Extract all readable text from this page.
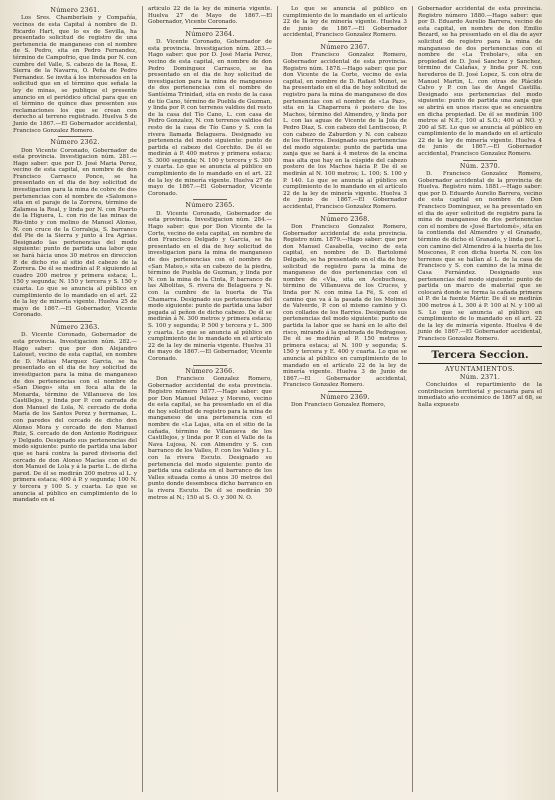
Número 2361.

Los Sres. Chamberlain y Compañía, vecinos de esta Capital á nombre de D. Ricardo Hart, que lo es de Sevilla, ha presentado solicitud de registro de una pertenencia de manganeso con el nombre de S. Pedro, sita en Pedro Fernandez, término de Campofrio, que linda por N. con cumbre del Valle, S. cabezo de la Rosa, E. Sierra de la Navarra, O. Peña de Pedro Fernandez. Se invita á los interesados en la solicitud que en el término que señala la ley de minas, se publique el presente anuncio en el periódico oficial para que en el término de quince dias presenten sus reclamaciones los que se crean con derecho al terreno registrado. Huelva 5 de Junio de 1867.—El Gobernador accidental, Francisco Gonzalez Romero.

Número 2362.

Don Vicente Coronado, Gobernador de esta provincia. Investigacion núm. 281.—Hago saber: que por D. José Maria Perez, vecino de esta capital, en nombre de don Francisco Carrasco Ponce, se ha presentado en el dia de hoy solicitud de investigacion para la mina de cobre de dos pertenencias con el nombre de «Salomon» sita en el paraje de la Zorrera, término de Zalamea la Real, y linda por N. con Puerto de la Higuera, L. con rio de las minas de Rio-tinto y con molino de Manuel Alonso, N. con cruce de la Corraleja, S. barranco del Pie de la Sierra y junto á Ira Agrias. Designado las pertenencias del modo siguiente: punto de partida una labor que se hará hácia unos 30 metros en direccion P. de dicho rio al sitio del cabezo de la Zorrera. De él se medirán al P. siguiendo al cuadro 200 metros y primera estaca; L. 150 y segunda; N. 150 y tercera y S. 150 y cuarta. Lo que se anuncia al público en cumplimiento de lo mandado en el art. 22 de la ley de minería vigente. Huelva 25 de mayo de 1867.—El Gobernador, Vicente Coronado.

Número 2363.

D. Vicente Coronado, Gobernador de esta provincia. Investigacion núm. 282.—Hago saber: que por don Alejandro Lalouet, vecino de esta capital, en nombre de D. Matias Marquez Garcia, se ha presentado en el dia de hoy solicitud de investigacion para la mina de manganeso de dos pertenencias con el nombre de «San Diego» sita en foca alta de la Monarda, término de Villanueva de los Castillejos, y linda por P. con carrada de don Manuel de Lola, N. cercado de doña María de los Santos Perez y hermanas, L. con paredes del cercado de dicho don Alonso Mora y cercado de don Manuel Ruiz, S. cercado de don Antonio Rodriguez y Delgado. Designado sus pertenencias del modo siguiente: punto de partida una labor que se hará contra la pared divisoria del cercado de don Alonso Macias con el de don Manuel de Lola y á la parte L. de dicha pared. De él se medirán 200 metros al L. y primera estaca; 400 á P. y segunda; 100 N. y tercera y 100 S. y cuarta. Lo que se anuncia al público en cumplimiento de lo mandado en el

artículo 22 de la ley de minería vigente. Huelva 27 de Mayo de 1867.—El Gobernador, Vicente Coronado.

Número 2364.

D. Vicente Coronado, Gobernador de esta provincia. Investigacion núm. 283.—Hago saber: que por D. José María Perez, vecino de esta capital, en nombre de don Pedro Dominguez Carrasco, se ha presentado en el dia de hoy solicitud de investigacion para la mina de manganeso de dos pertenencias con el nombre de Santísima Trinidad, sita en resto de la casa de tío Cano, término de Puebla de Guzman, y linda por P. con terrenos valdios del resto de la casa del Tío Cano, L. con casa de Pedro Gonzalez, N. con terrenos valdios del resto de la casa de Tío Cano y S. con la rivera llamada Belaguera. Designado su pertenencia del modo siguiente: punto de partida el cabezo del Corchito. De él se medirán á P. 400 metros y primera estaca; S. 3000 segunda; N. 100 y tercera y S. 300 y cuarta. Lo que se anuncia al público en cumplimiento de lo mandado en el art. 22 de la ley de minería vigente. Huelva 27 de mayo de 1867.—El Gobernador, Vicente Coronado.

Número 2365.

D. Vicente Coronado, Gobernador de esta provincia. Investigacion núm. 284.—Hago saber: que por Don Vicente de la Corte, vecino de esta capital, en nombre de don Francisco Delgado y García, se ha presentado en el dia de hoy solicitud de investigacion para la mina de manganeso de dos pertenencias con el nombre de «San Mateo,» sita en cabezo de la piedra, término de Puebla de Guzman, y linda por N. con la mina de la Cinta, P. barranco de las Albolitas, S. rivera de Belaguera y N. con la cumbre de la huerta de Tía Chamarra. Designado sus pertenencias del modo siguiente: punto de partida una labor pegada al peñon de dicho cabezo. De él se medirán á N. 300 metros y primera estaca; S. 100 y segunda; P. 500 y tercera y L. 300 y cuarta. Lo que se anuncia al público en cumplimiento de lo mandado en el artículo 22 de la ley de minería vigente. Huelva 31 de mayo de 1867.—El Gobernador, Vicente Coronado.

Número 2366.

Don Francisco Gonzalez Romero, Gobernador accidental de esta provincia. Registro número 1877.—Hago saber: que por Don Manuel Pelaez y Moreno, vecino de esta capital, se ha presentado en el dia de hoy solicitud de registro para la mina de manganeso de una pertenencia con el nombre de «La Lajas, sita en el sitio de la cañada, término de Villanueva de los Castillejos, y linda por P. con el Valle de la Nava Lujosa, N. con Almendro y S. con barranco de los Valles, P. con los Valles y L. con la rivera Escuto. Designado su pertenencia del modo siguiente: punto de partida una calicata en el barranco de los Valles situada como á unos 30 metros del punto donde desemboca dicho barranco en la rivera Escuto. De él se medirán 50 metros al N.; 150 al S. O. y 300 N. O.

Lo que se anuncia al público en cumplimiento de lo mandado en el artículo 22 de la ley de minería vigente. Huelva 3 de junio de 1867.—El Gobernador accidental, Francisco Gonzalez Romero.

Número 2367.

Don Francisco Gonzalez Romero, Gobernador accidental de esta provincia. Registro núm. 1878.—Hago saber: que por don Vicente de la Corte, vecino de esta capital, en nombre de D. Rafael Munot, se ha presentado en el dia de hoy solicitud de registro para la mina de manganeso de dos pertenencias con el nombre de «La Paz», sita en la Chaparrera ó postero de los Machos, término del Almendro, y linda por L. con las aguas de Vicente de la Jola de Pedro Diaz, S. con cabezo del Lentiscoso, P. con cabezo de Zaburdon y N. con cabezo de los Hierros. Designado sus pertenencias del modo siguiente: punto de partida una zanja que se hará á 4 metros de la encina mas alta que hay en la cúspide del cabezo postero de los Machos hácia P. De él se medirán al N. 100 metros; L. 100; S. 100 y P. 140. Lo que se anuncia al público en cumplimiento de lo mandado en el artículo 22 de la ley de minería vigente. Huelva 3 de junio de 1867.—El Gobernador accidental, Francisco Gonzalez Romero.

Número 2368.

Don Francisco Gonzalez Romero, Gobernador accidental de esta provincia. Registro núm. 1879.—Hago saber: que por don Manuel Casabella, vecino de esta capital, en nombre de D. Bartolomé Delgado, se ha presentado en el dia de hoy solicitud de registro para la mina de manganeso de dos pertenencias con el nombre de «Vía, sita en Acebuchosa, término de Villanueva de los Cruces, y linda por N. con mina La Fé, S. con el camino que va á la pasada de los Molinos de Valverde, P. con el mismo camino y O. con collados de los Barrios. Designado sus pertenencias del modo siguiente: punto de partida la labor que se hará en lo alto del risco, mirando á la quebrada de Pedragoso. De él se medirán al P. 150 metros y primera estaca; al N. 100 y segunda; S. 150 y tercera y E. 400 y cuarta. Lo que se anuncia al público en cumplimiento de lo mandado en el artículo 22 de la ley de minería vigente. Huelva 3 de Junio de 1867.—El Gobernador accidental, Francisco Gonzalez Romero.

Número 2369.

Don Francisco Gonzalez Romero,

Gobernador accidental de esta provincia. Registro número 1880.—Hago saber: que por D. Eduardo Aurelio Barrera, vecino de esta capital, en nombre de don Emilio Bezard, se ha presentado en el dia de ayer solicitud de registro para la mina de manganeso de dos pertenencias con el nombre de «La Trebolar», sita en propiedad de D. José Sanchez y Sanchez, término de Calañas, y linda por N. con herederos de D. José Lopez, S. con otra de Manuel Martin, L. con otras de Plácido Calvo y P. con las de Ángel Castilla. Designado sus pertenencias del modo siguiente: punto de partida una zanja que se abrirá en unos riscos que se encuentra en dicha propiedad. De él se medirán 100 metros al N.E.; 100 al S.O.; 400 al NO. y 200 al SE. Lo que se anuncia al público en cumplimiento de lo mandado en el artículo 22 de la ley de minería vigente. Huelva 4 de junio de 1867.—El Gobernador accidental, Francisco Gonzalez Romero.

Núm. 2370.

D. Francisco Gonzalez Romero, Gobernador accidental de la provincia de Huelva. Registro núm. 1881.—Hago saber: que por D. Eduardo Aurelio Barrera, vecino de esta capital en nombre de Don Francisco Dominguez, se ha presentado en el dia de ayer solicitud de registro para la mina de manganeso de dos pertenencias con el nombre de «José Bartolomé», sita en la contienda del Almendro y el Granado, término de dicho el Granado, y linda por L. con camino del Almendro á la huerta de los Moscones, P. con dicha huerta N. con los terrenos que se hallan al L. de la casa de Francisco y S. con camino de la mina de Casa Fernández. Designado sus pertenencias del modo siguiente: punto de partida un marco de material que se colocará donde se forma la cañada primera al P. de la fuente Mártir. De él se medirán 300 metros á L. 300 á P. 100 al N. y 100 al S. Lo que se anuncia al público en cumplimiento de lo mandado en el art. 22 de la ley de minería vigente. Huelva 4 de junio de 1867.—El Gobernador accidental, Francisco Gonzalez Romero.

Tercera Seccion.
AYUNTAMIENTOS.
Núm. 2371.

Concluidos el repartimiento de la contribucion territorial y pecuaria para el inmediato año económico de 1867 al 68, se halla expuesto
